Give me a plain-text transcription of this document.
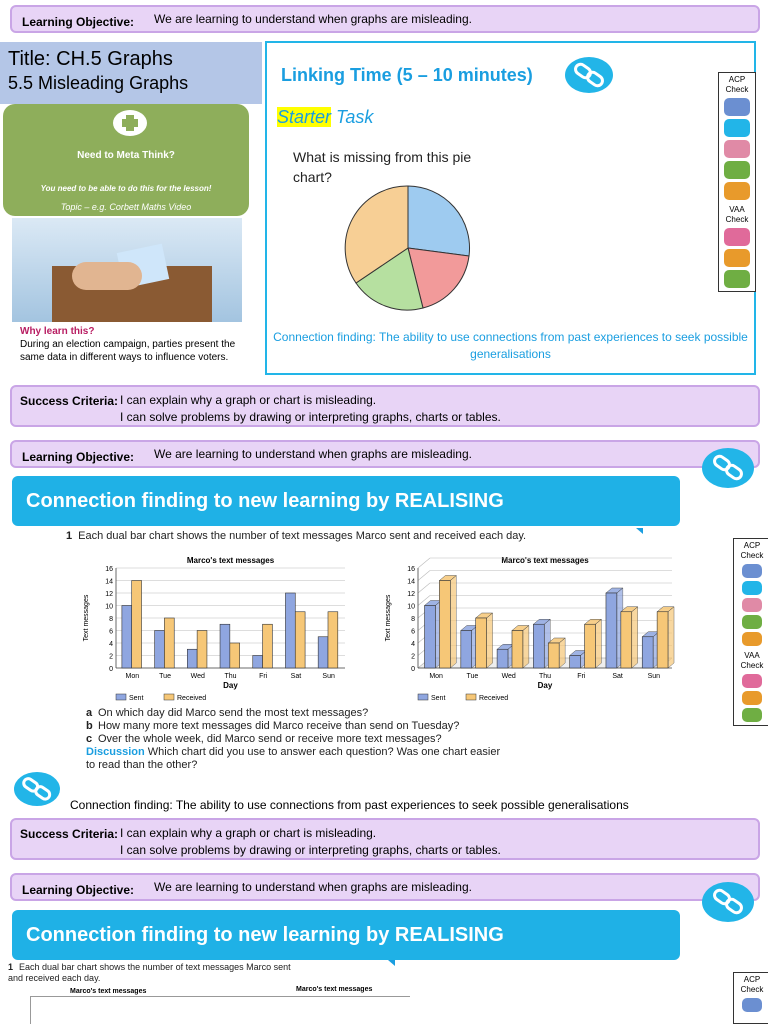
Learning Objective: We are learning to understand when graphs are misleading.
Title: CH.5 Graphs
5.5 Misleading Graphs
Need to Meta Think?
You need to be able to do this for the lesson!
Topic – e.g. Corbett Maths Video
Why learn this?
During an election campaign, parties present the same data in different ways to influence voters.
Linking Time (5 – 10 minutes)
Starter Task
What is missing from this pie chart?
Connection finding: The ability to use connections from past experiences to seek possible generalisations
ACP Check
VAA Check
Success Criteria: I can explain why a graph or chart is misleading.
I can solve problems by drawing or interpreting graphs, charts or tables.
Learning Objective: We are learning to understand when graphs are misleading.
Connection finding to new learning by REALISING
1 Each dual bar chart shows the number of text messages Marco sent and received each day.
Marco's text messages
0
2
4
6
8
10
12
14
16
Mon	Tue	Wed	Thu	Fri	Sat	Sun
Day
Text messages
Sent	Received
Marco's text messages
0
2
4
6
8
10
12
14
16
Mon	Tue	Wed	Thu	Fri	Sat	Sun
Day
Text messages
Sent	Received
a On which day did Marco send the most text messages?
b How many more text messages did Marco receive than send on Tuesday?
c Over the whole week, did Marco send or receive more text messages?
Discussion Which chart did you use to answer each question? Was one chart easier to read than the other?
Connection finding: The ability to use connections from past experiences to seek possible generalisations
ACP Check
VAA Check
Success Criteria: I can explain why a graph or chart is misleading.
I can solve problems by drawing or interpreting graphs, charts or tables.
Learning Objective: We are learning to understand when graphs are misleading.
Connection finding to new learning by REALISING
1 Each dual bar chart shows the number of text messages Marco sent and received each day.
Marco's text messages	Marco's text messages
ACP Check
